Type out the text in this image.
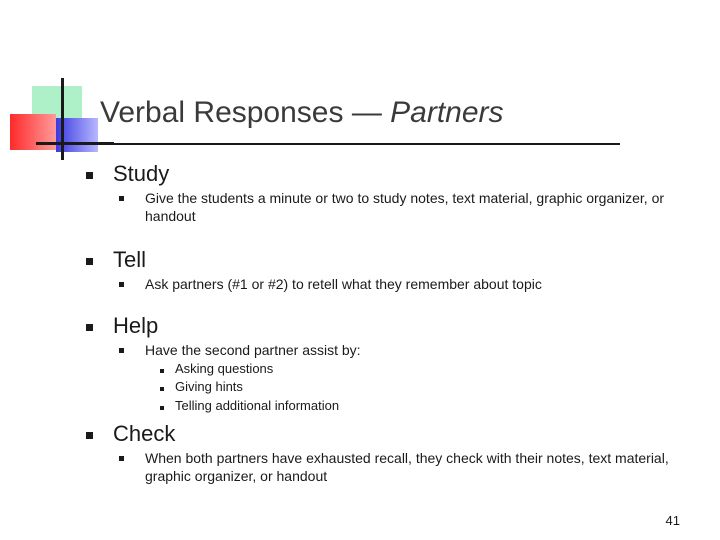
Verbal Responses — Partners
Study
Give the students a minute or two to study notes, text material, graphic organizer, or handout
Tell
Ask partners (#1 or #2) to retell what they remember about topic
Help
Have the second partner assist by:
Asking questions
Giving hints
Telling additional information
Check
When both partners have exhausted recall, they check with their notes, text material, graphic organizer, or handout
41
